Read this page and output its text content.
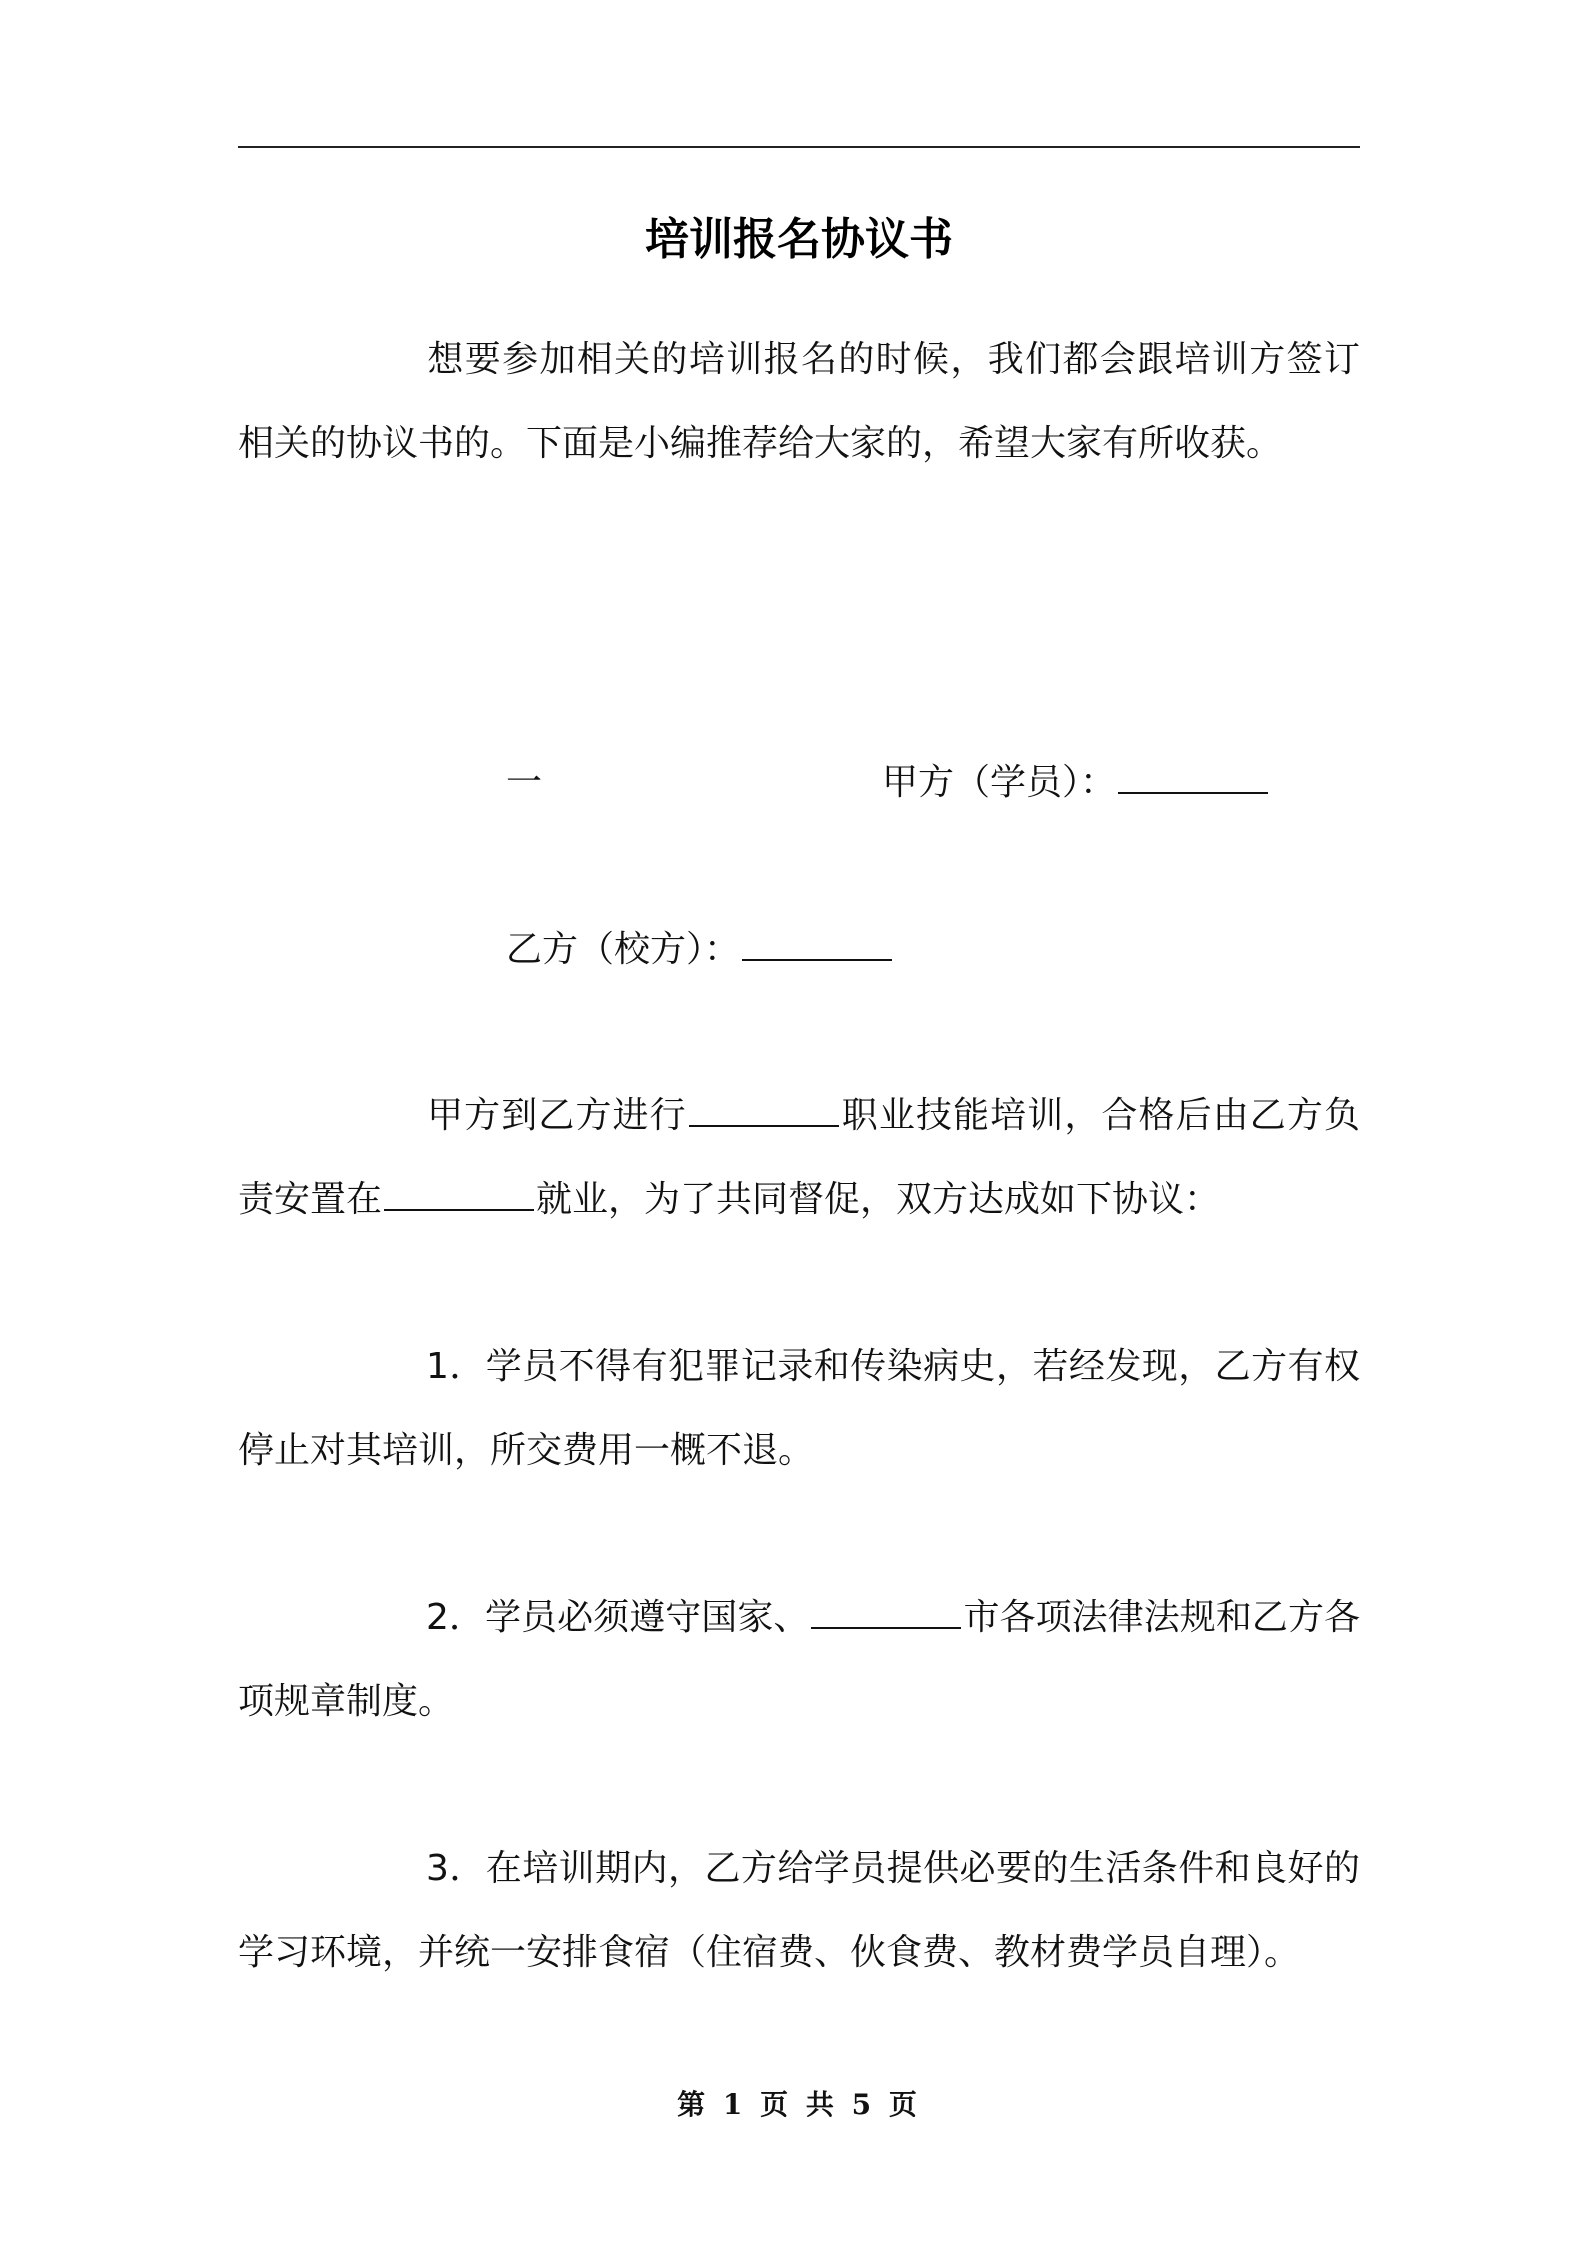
培训报名协议书

想要参加相关的培训报名的时候，我们都会跟培训方签订相关的协议书的。下面是小编推荐给大家的，希望大家有所收获。

一	甲方（学员）：
乙方（校方）：

甲方到乙方进行	职业技能培训，合格后由乙方负责安置在	就业，为了共同督促，双方达成如下协议：

1．学员不得有犯罪记录和传染病史，若经发现，乙方有权停止对其培训，所交费用一概不退。

2．学员必须遵守国家、	市各项法律法规和乙方各项规章制度。

3．在培训期内，乙方给学员提供必要的生活条件和良好的学习环境，并统一安排食宿（住宿费、伙食费、教材费学员自理）。

第 1 页 共 5 页
